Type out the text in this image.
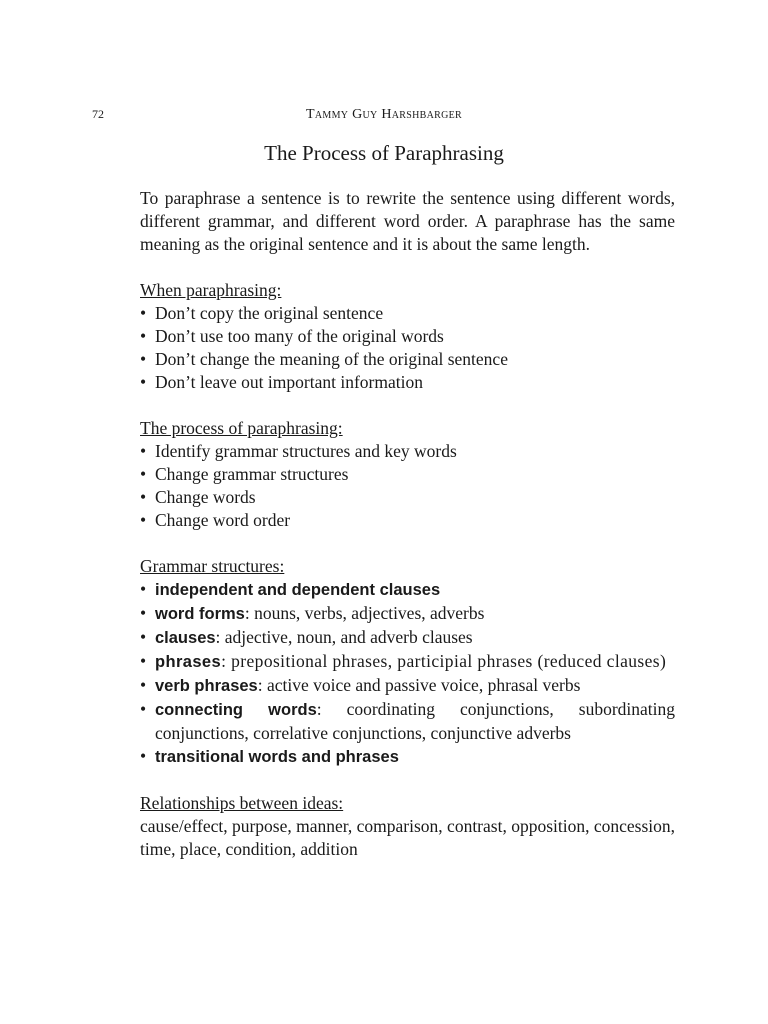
72	Tammy Guy Harshbarger
The Process of Paraphrasing

To paraphrase a sentence is to rewrite the sentence using different words, different grammar, and different word order. A paraphrase has the same meaning as the original sentence and it is about the same length.

When paraphrasing:

• Don’t copy the original sentence
• Don’t use too many of the original words
• Don’t change the meaning of the original sentence
• Don’t leave out important information

The process of paraphrasing:

• Identify grammar structures and key words
• Change grammar structures
• Change words
• Change word order

Grammar structures:

• independent and dependent clauses
• word forms: nouns, verbs, adjectives, adverbs
• clauses: adjective, noun, and adverb clauses
• phrases: prepositional phrases, participial phrases (reduced clauses)
• verb phrases: active voice and passive voice, phrasal verbs
• connecting words: coordinating conjunctions, subordinating conjunctions, correlative conjunctions, conjunctive adverbs
• transitional words and phrases

Relationships between ideas:

cause/effect, purpose, manner, comparison, contrast, opposition, concession, time, place, condition, addition
